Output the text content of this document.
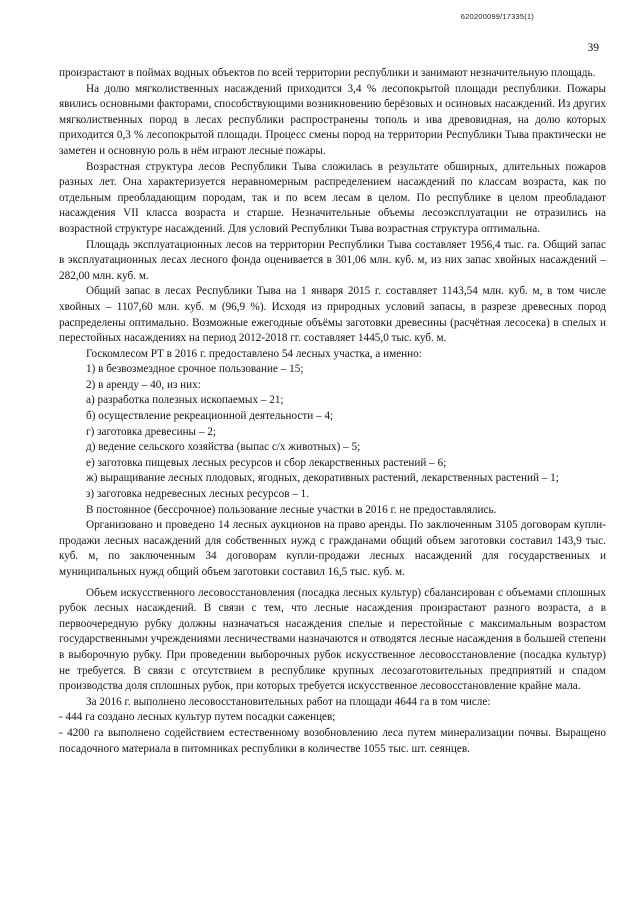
620200099/17335(1)
39

произрастают в поймах водных объектов по всей территории республики и занимают незначительную площадь.

На долю мягколиственных насаждений приходится 3,4 % лесопокрытой площади республики. Пожары явились основными факторами, способствующими возникновению берёзовых и осиновых насаждений. Из других мягколиственных пород в лесах республики распространены тополь и ива древовидная, на долю которых приходится 0,3 % лесопокрытой площади. Процесс смены пород на территории Республики Тыва практически не заметен и основную роль в нём играют лесные пожары.

Возрастная структура лесов Республики Тыва сложилась в результате обширных, длительных пожаров разных лет. Она характеризуется неравномерным распределением насаждений по классам возраста, как по отдельным преобладающим породам, так и по всем лесам в целом. По республике в целом преобладают насаждения VII класса возраста и старше. Незначительные объемы лесоэксплуатации не отразились на возрастной структуре насаждений. Для условий Республики Тыва возрастная структура оптимальна.

Площадь эксплуатационных лесов на территории Республики Тыва составляет 1956,4 тыс. га. Общий запас в эксплуатационных лесах лесного фонда оценивается в 301,06 млн. куб. м, из них запас хвойных насаждений – 282,00 млн. куб. м.

Общий запас в лесах Республики Тыва на 1 января 2015 г. составляет 1143,54 млн. куб. м, в том числе хвойных – 1107,60 млн. куб. м (96,9 %). Исходя из природных условий запасы, в разрезе древесных пород распределены оптимально. Возможные ежегодные объёмы заготовки древесины (расчётная лесосека) в спелых и перестойных насаждениях на период 2012-2018 гг. составляет 1445,0 тыс. куб. м.

Госкомлесом РТ в 2016 г. предоставлено 54 лесных участка, а именно:

1) в безвозмездное срочное пользование – 15;

2) в аренду – 40, из них:

а) разработка полезных ископаемых – 21;

б) осуществление рекреационной деятельности – 4;

г) заготовка древесины – 2;

д) ведение сельского хозяйства (выпас с/х животных) – 5;

е) заготовка пищевых лесных ресурсов и сбор лекарственных растений – 6;

ж) выращивание лесных плодовых, ягодных, декоративных растений, лекарственных растений – 1;

з) заготовка недревесных лесных ресурсов – 1.

В постоянное (бессрочное) пользование лесные участки в 2016 г. не предоставлялись.

Организовано и проведено 14 лесных аукционов на право аренды. По заключенным 3105 договорам купли-продажи лесных насаждений для собственных нужд с гражданами общий объем заготовки составил 143,9 тыс. куб. м, по заключенным 34 договорам купли-продажи лесных насаждений для государственных и муниципальных нужд общий объем заготовки составил 16,5 тыс. куб. м.

Объем искусственного лесовосстановления (посадка лесных культур) сбалансирован с объемами сплошных рубок лесных насаждений. В связи с тем, что лесные насаждения произрастают разного возраста, а в первоочередную рубку должны назначаться насаждения спелые и перестойные с максимальным возрастом государственными учреждениями лесничествами назначаются и отводятся лесные насаждения в большей степени в выборочную рубку. При проведении выборочных рубок искусственное лесовосстановление (посадка культур) не требуется. В связи с отсутствием в республике крупных лесозаготовительных предприятий и спадом производства доля сплошных рубок, при которых требуется искусственное лесовосстановление крайне мала.

За 2016 г. выполнено лесовосстановительных работ на площади 4644 га в том числе:

- 444 га создано лесных культур путем посадки саженцев;

- 4200 га выполнено содействием естественному возобновлению леса путем минерализации почвы. Выращено посадочного материала в питомниках республики в количестве 1055 тыс. шт. сеянцев.
